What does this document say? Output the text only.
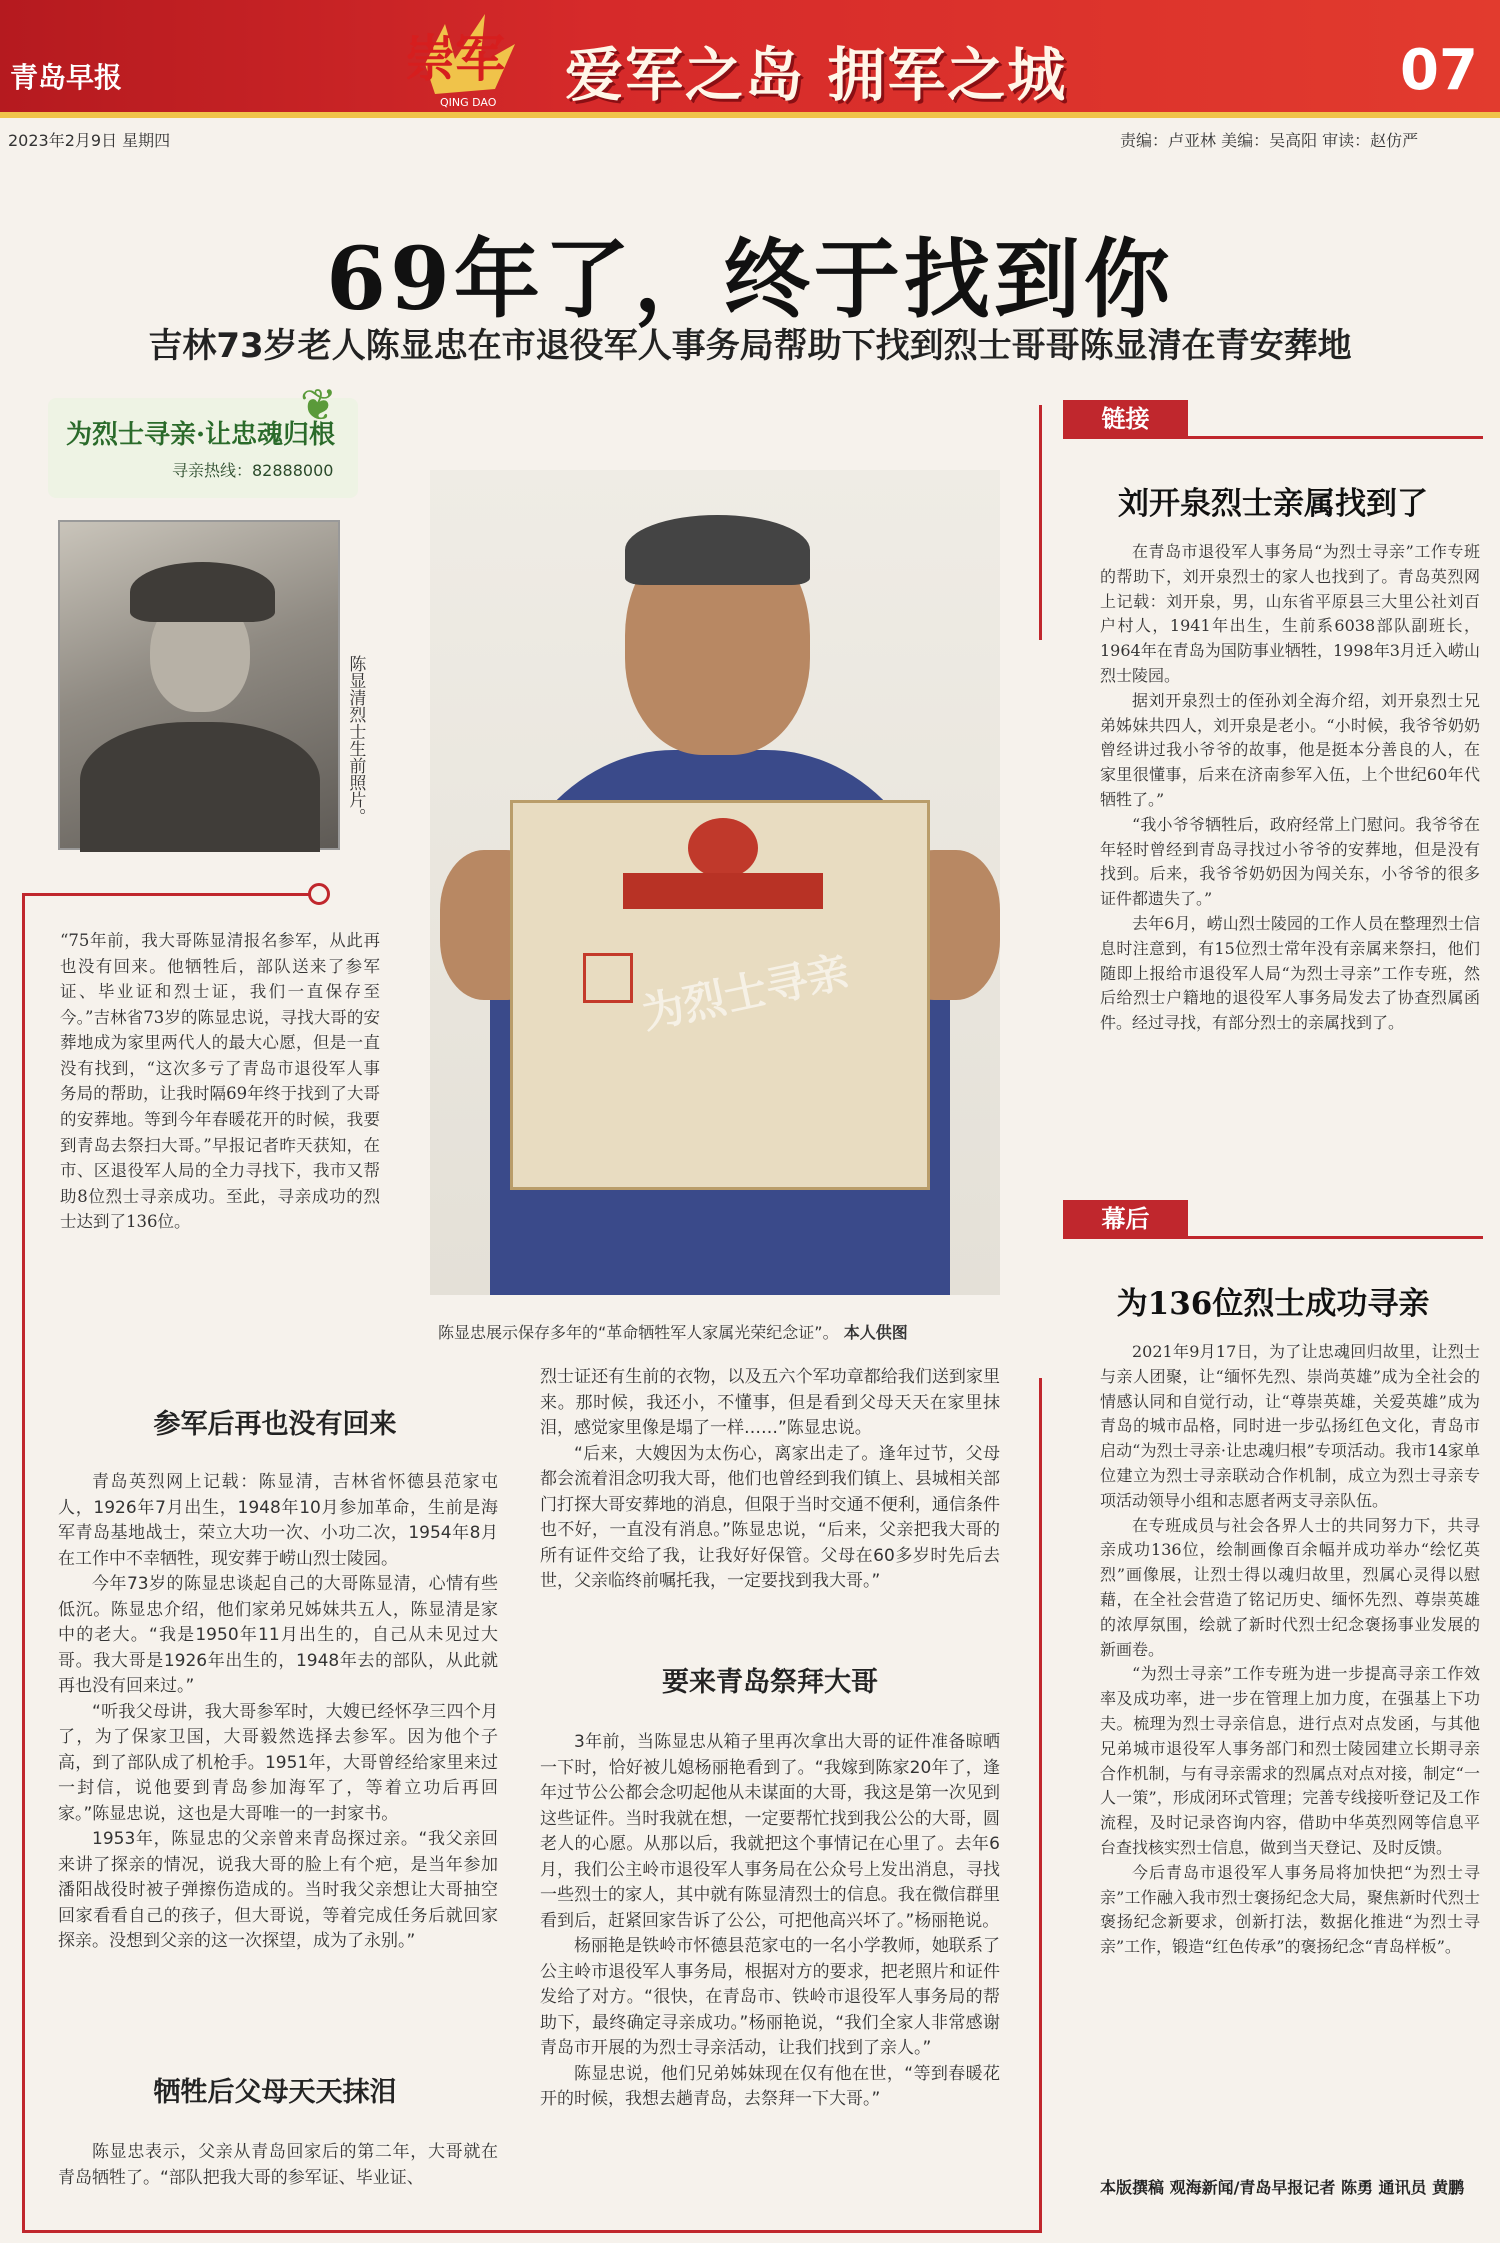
青岛早报	崇军
QING DAO 爱军之岛 拥军之城	07
2023年2月9日 星期四	责编：卢亚林 美编：吴高阳 审读：赵仿严
69年了，终于找到你
吉林73岁老人陈显忠在市退役军人事务局帮助下找到烈士哥哥陈显清在青安葬地
❦
为烈士寻亲·让忠魂归根
寻亲热线：82888000
陈显清烈士生前照片。
为烈士寻亲
陈显忠展示保存多年的“革命牺牲军人家属光荣纪念证”。 本人供图
“75年前，我大哥陈显清报名参军，从此再也没有回来。他牺牲后，部队送来了参军证、毕业证和烈士证，我们一直保存至今。”吉林省73岁的陈显忠说，寻找大哥的安葬地成为家里两代人的最大心愿，但是一直没有找到，“这次多亏了青岛市退役军人事务局的帮助，让我时隔69年终于找到了大哥的安葬地。等到今年春暖花开的时候，我要到青岛去祭扫大哥。”早报记者昨天获知，在市、区退役军人局的全力寻找下，我市又帮助8位烈士寻亲成功。至此，寻亲成功的烈士达到了136位。
参军后再也没有回来

青岛英烈网上记载：陈显清，吉林省怀德县范家屯人，1926年7月出生，1948年10月参加革命，生前是海军青岛基地战士，荣立大功一次、小功二次，1954年8月在工作中不幸牺牲，现安葬于崂山烈士陵园。

今年73岁的陈显忠谈起自己的大哥陈显清，心情有些低沉。陈显忠介绍，他们家弟兄姊妹共五人，陈显清是家中的老大。“我是1950年11月出生的，自己从未见过大哥。我大哥是1926年出生的，1948年去的部队，从此就再也没有回来过。”

“听我父母讲，我大哥参军时，大嫂已经怀孕三四个月了，为了保家卫国，大哥毅然选择去参军。因为他个子高，到了部队成了机枪手。1951年，大哥曾经给家里来过一封信，说他要到青岛参加海军了，等着立功后再回家。”陈显忠说，这也是大哥唯一的一封家书。

1953年，陈显忠的父亲曾来青岛探过亲。“我父亲回来讲了探亲的情况，说我大哥的脸上有个疤，是当年参加潘阳战役时被子弹擦伤造成的。当时我父亲想让大哥抽空回家看看自己的孩子，但大哥说，等着完成任务后就回家探亲。没想到父亲的这一次探望，成为了永别。”

牺牲后父母天天抹泪

陈显忠表示，父亲从青岛回家后的第二年，大哥就在青岛牺牲了。“部队把我大哥的参军证、毕业证、

烈士证还有生前的衣物，以及五六个军功章都给我们送到家里来。那时候，我还小，不懂事，但是看到父母天天在家里抹泪，感觉家里像是塌了一样……”陈显忠说。

“后来，大嫂因为太伤心，离家出走了。逢年过节，父母都会流着泪念叨我大哥，他们也曾经到我们镇上、县城相关部门打探大哥安葬地的消息，但限于当时交通不便利，通信条件也不好，一直没有消息。”陈显忠说，“后来，父亲把我大哥的所有证件交给了我，让我好好保管。父母在60多岁时先后去世，父亲临终前嘱托我，一定要找到我大哥。”

要来青岛祭拜大哥

3年前，当陈显忠从箱子里再次拿出大哥的证件准备晾晒一下时，恰好被儿媳杨丽艳看到了。“我嫁到陈家20年了，逢年过节公公都会念叨起他从未谋面的大哥，我这是第一次见到这些证件。当时我就在想，一定要帮忙找到我公公的大哥，圆老人的心愿。从那以后，我就把这个事情记在心里了。去年6月，我们公主岭市退役军人事务局在公众号上发出消息，寻找一些烈士的家人，其中就有陈显清烈士的信息。我在微信群里看到后，赶紧回家告诉了公公，可把他高兴坏了。”杨丽艳说。

杨丽艳是铁岭市怀德县范家屯的一名小学教师，她联系了公主岭市退役军人事务局，根据对方的要求，把老照片和证件发给了对方。“很快，在青岛市、铁岭市退役军人事务局的帮助下，最终确定寻亲成功。”杨丽艳说，“我们全家人非常感谢青岛市开展的为烈士寻亲活动，让我们找到了亲人。”

陈显忠说，他们兄弟姊妹现在仅有他在世，“等到春暖花开的时候，我想去趟青岛，去祭拜一下大哥。”

链接
刘开泉烈士亲属找到了

在青岛市退役军人事务局“为烈士寻亲”工作专班的帮助下，刘开泉烈士的家人也找到了。青岛英烈网上记载：刘开泉，男，山东省平原县三大里公社刘百户村人，1941年出生，生前系6038部队副班长，1964年在青岛为国防事业牺牲，1998年3月迁入崂山烈士陵园。

据刘开泉烈士的侄孙刘全海介绍，刘开泉烈士兄弟姊妹共四人，刘开泉是老小。“小时候，我爷爷奶奶曾经讲过我小爷爷的故事，他是挺本分善良的人，在家里很懂事，后来在济南参军入伍，上个世纪60年代牺牲了。”

“我小爷爷牺牲后，政府经常上门慰问。我爷爷在年轻时曾经到青岛寻找过小爷爷的安葬地，但是没有找到。后来，我爷爷奶奶因为闯关东，小爷爷的很多证件都遗失了。”

去年6月，崂山烈士陵园的工作人员在整理烈士信息时注意到，有15位烈士常年没有亲属来祭扫，他们随即上报给市退役军人局“为烈士寻亲”工作专班，然后给烈士户籍地的退役军人事务局发去了协查烈属函件。经过寻找，有部分烈士的亲属找到了。

幕后
为136位烈士成功寻亲

2021年9月17日，为了让忠魂回归故里，让烈士与亲人团聚，让“缅怀先烈、崇尚英雄”成为全社会的情感认同和自觉行动，让“尊崇英雄，关爱英雄”成为青岛的城市品格，同时进一步弘扬红色文化，青岛市启动“为烈士寻亲·让忠魂归根”专项活动。我市14家单位建立为烈士寻亲联动合作机制，成立为烈士寻亲专项活动领导小组和志愿者两支寻亲队伍。

在专班成员与社会各界人士的共同努力下，共寻亲成功136位，绘制画像百余幅并成功举办“绘忆英烈”画像展，让烈士得以魂归故里，烈属心灵得以慰藉，在全社会营造了铭记历史、缅怀先烈、尊崇英雄的浓厚氛围，绘就了新时代烈士纪念褒扬事业发展的新画卷。

“为烈士寻亲”工作专班为进一步提高寻亲工作效率及成功率，进一步在管理上加力度，在强基上下功夫。梳理为烈士寻亲信息，进行点对点发函，与其他兄弟城市退役军人事务部门和烈士陵园建立长期寻亲合作机制，与有寻亲需求的烈属点对点对接，制定“一人一策”，形成闭环式管理；完善专线接听登记及工作流程，及时记录咨询内容，借助中华英烈网等信息平台查找核实烈士信息，做到当天登记、及时反馈。

今后青岛市退役军人事务局将加快把“为烈士寻亲”工作融入我市烈士褒扬纪念大局，聚焦新时代烈士褒扬纪念新要求，创新打法，数据化推进“为烈士寻亲”工作，锻造“红色传承”的褒扬纪念“青岛样板”。

本版撰稿 观海新闻/青岛早报记者 陈勇 通讯员 黄鹏
